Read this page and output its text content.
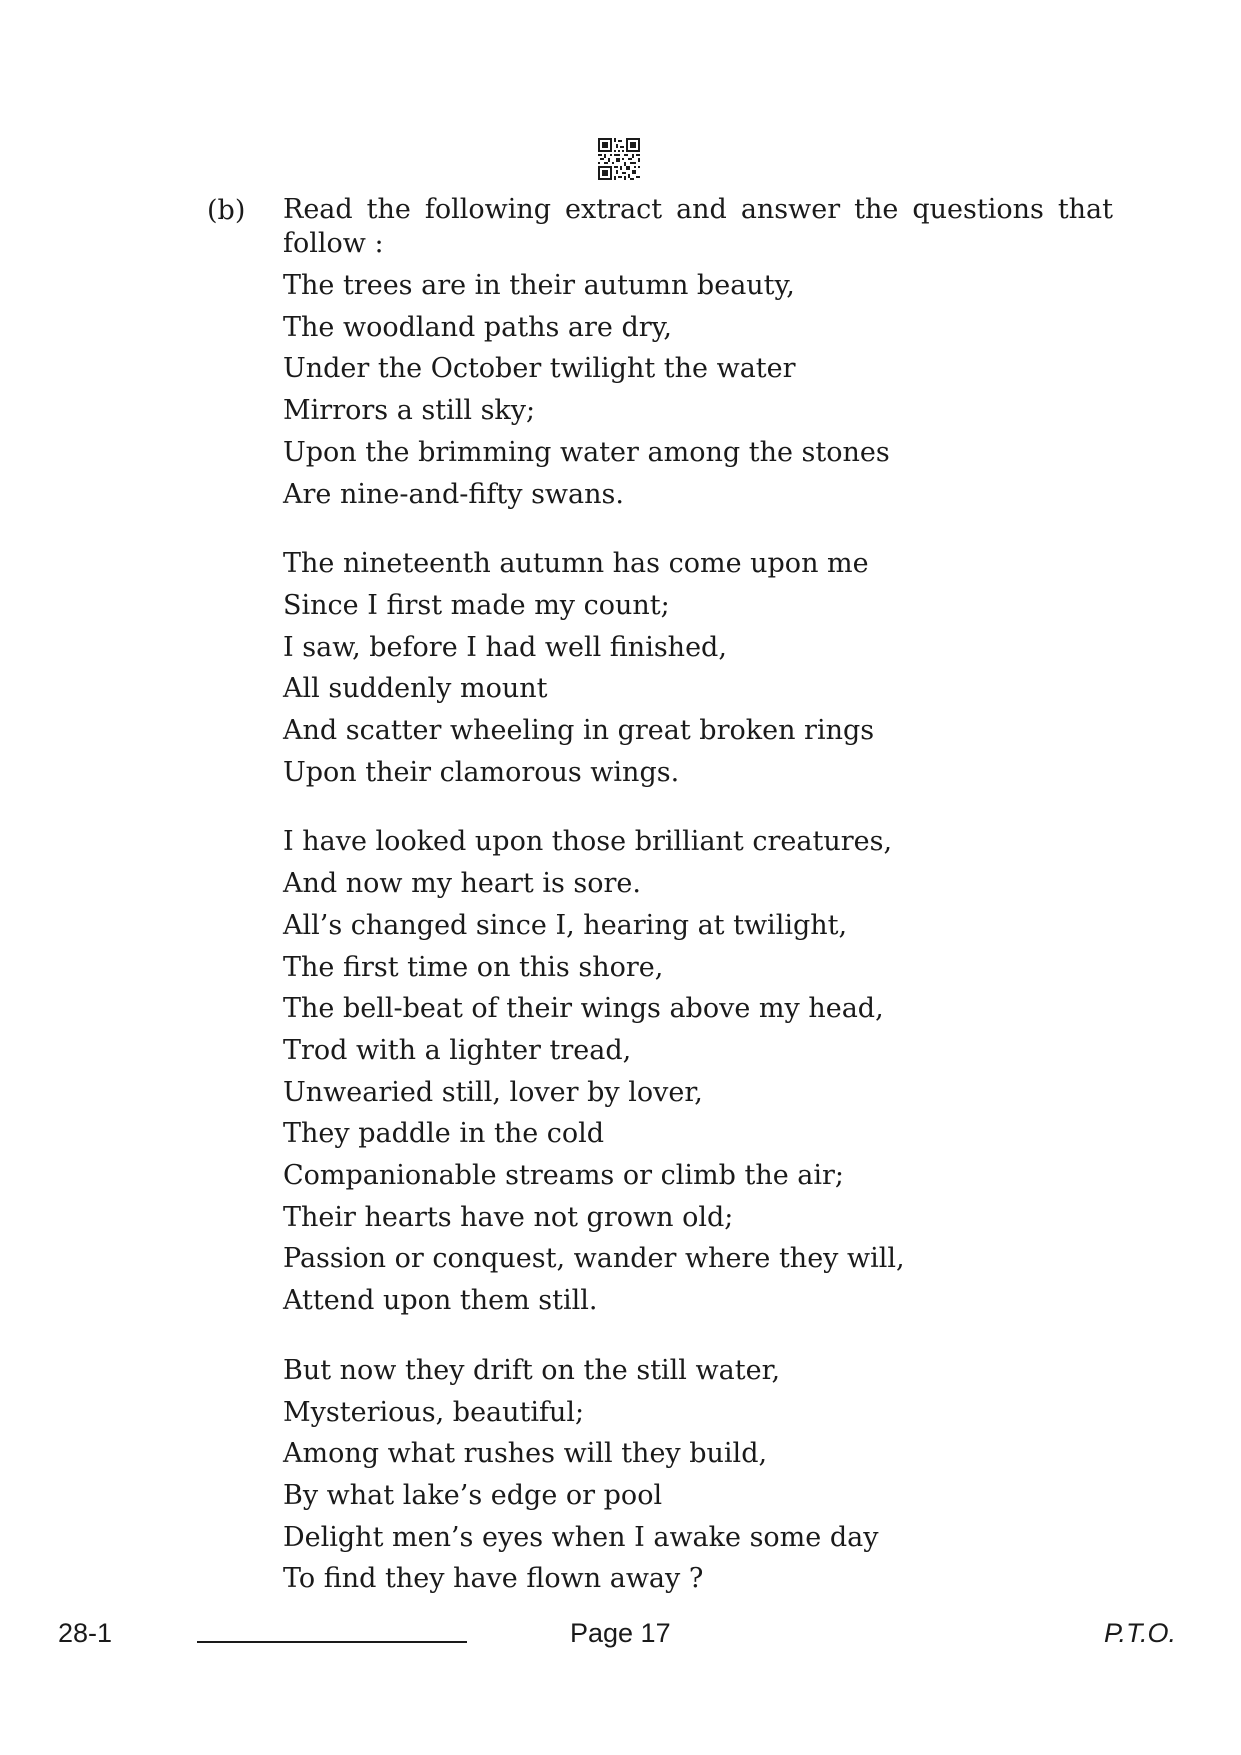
(b) Read the following extract and answer the questions that follow :
The trees are in their autumn beauty,
The woodland paths are dry,
Under the October twilight the water
Mirrors a still sky;
Upon the brimming water among the stones
Are nine-and-fifty swans.
The nineteenth autumn has come upon me
Since I first made my count;
I saw, before I had well finished,
All suddenly mount
And scatter wheeling in great broken rings
Upon their clamorous wings.
I have looked upon those brilliant creatures,
And now my heart is sore.
All’s changed since I, hearing at twilight,
The first time on this shore,
The bell-beat of their wings above my head,
Trod with a lighter tread,
Unwearied still, lover by lover,
They paddle in the cold
Companionable streams or climb the air;
Their hearts have not grown old;
Passion or conquest, wander where they will,
Attend upon them still.
But now they drift on the still water,
Mysterious, beautiful;
Among what rushes will they build,
By what lake’s edge or pool
Delight men’s eyes when I awake some day
To find they have flown away ?
28-1	Page 17	P.T.O.
